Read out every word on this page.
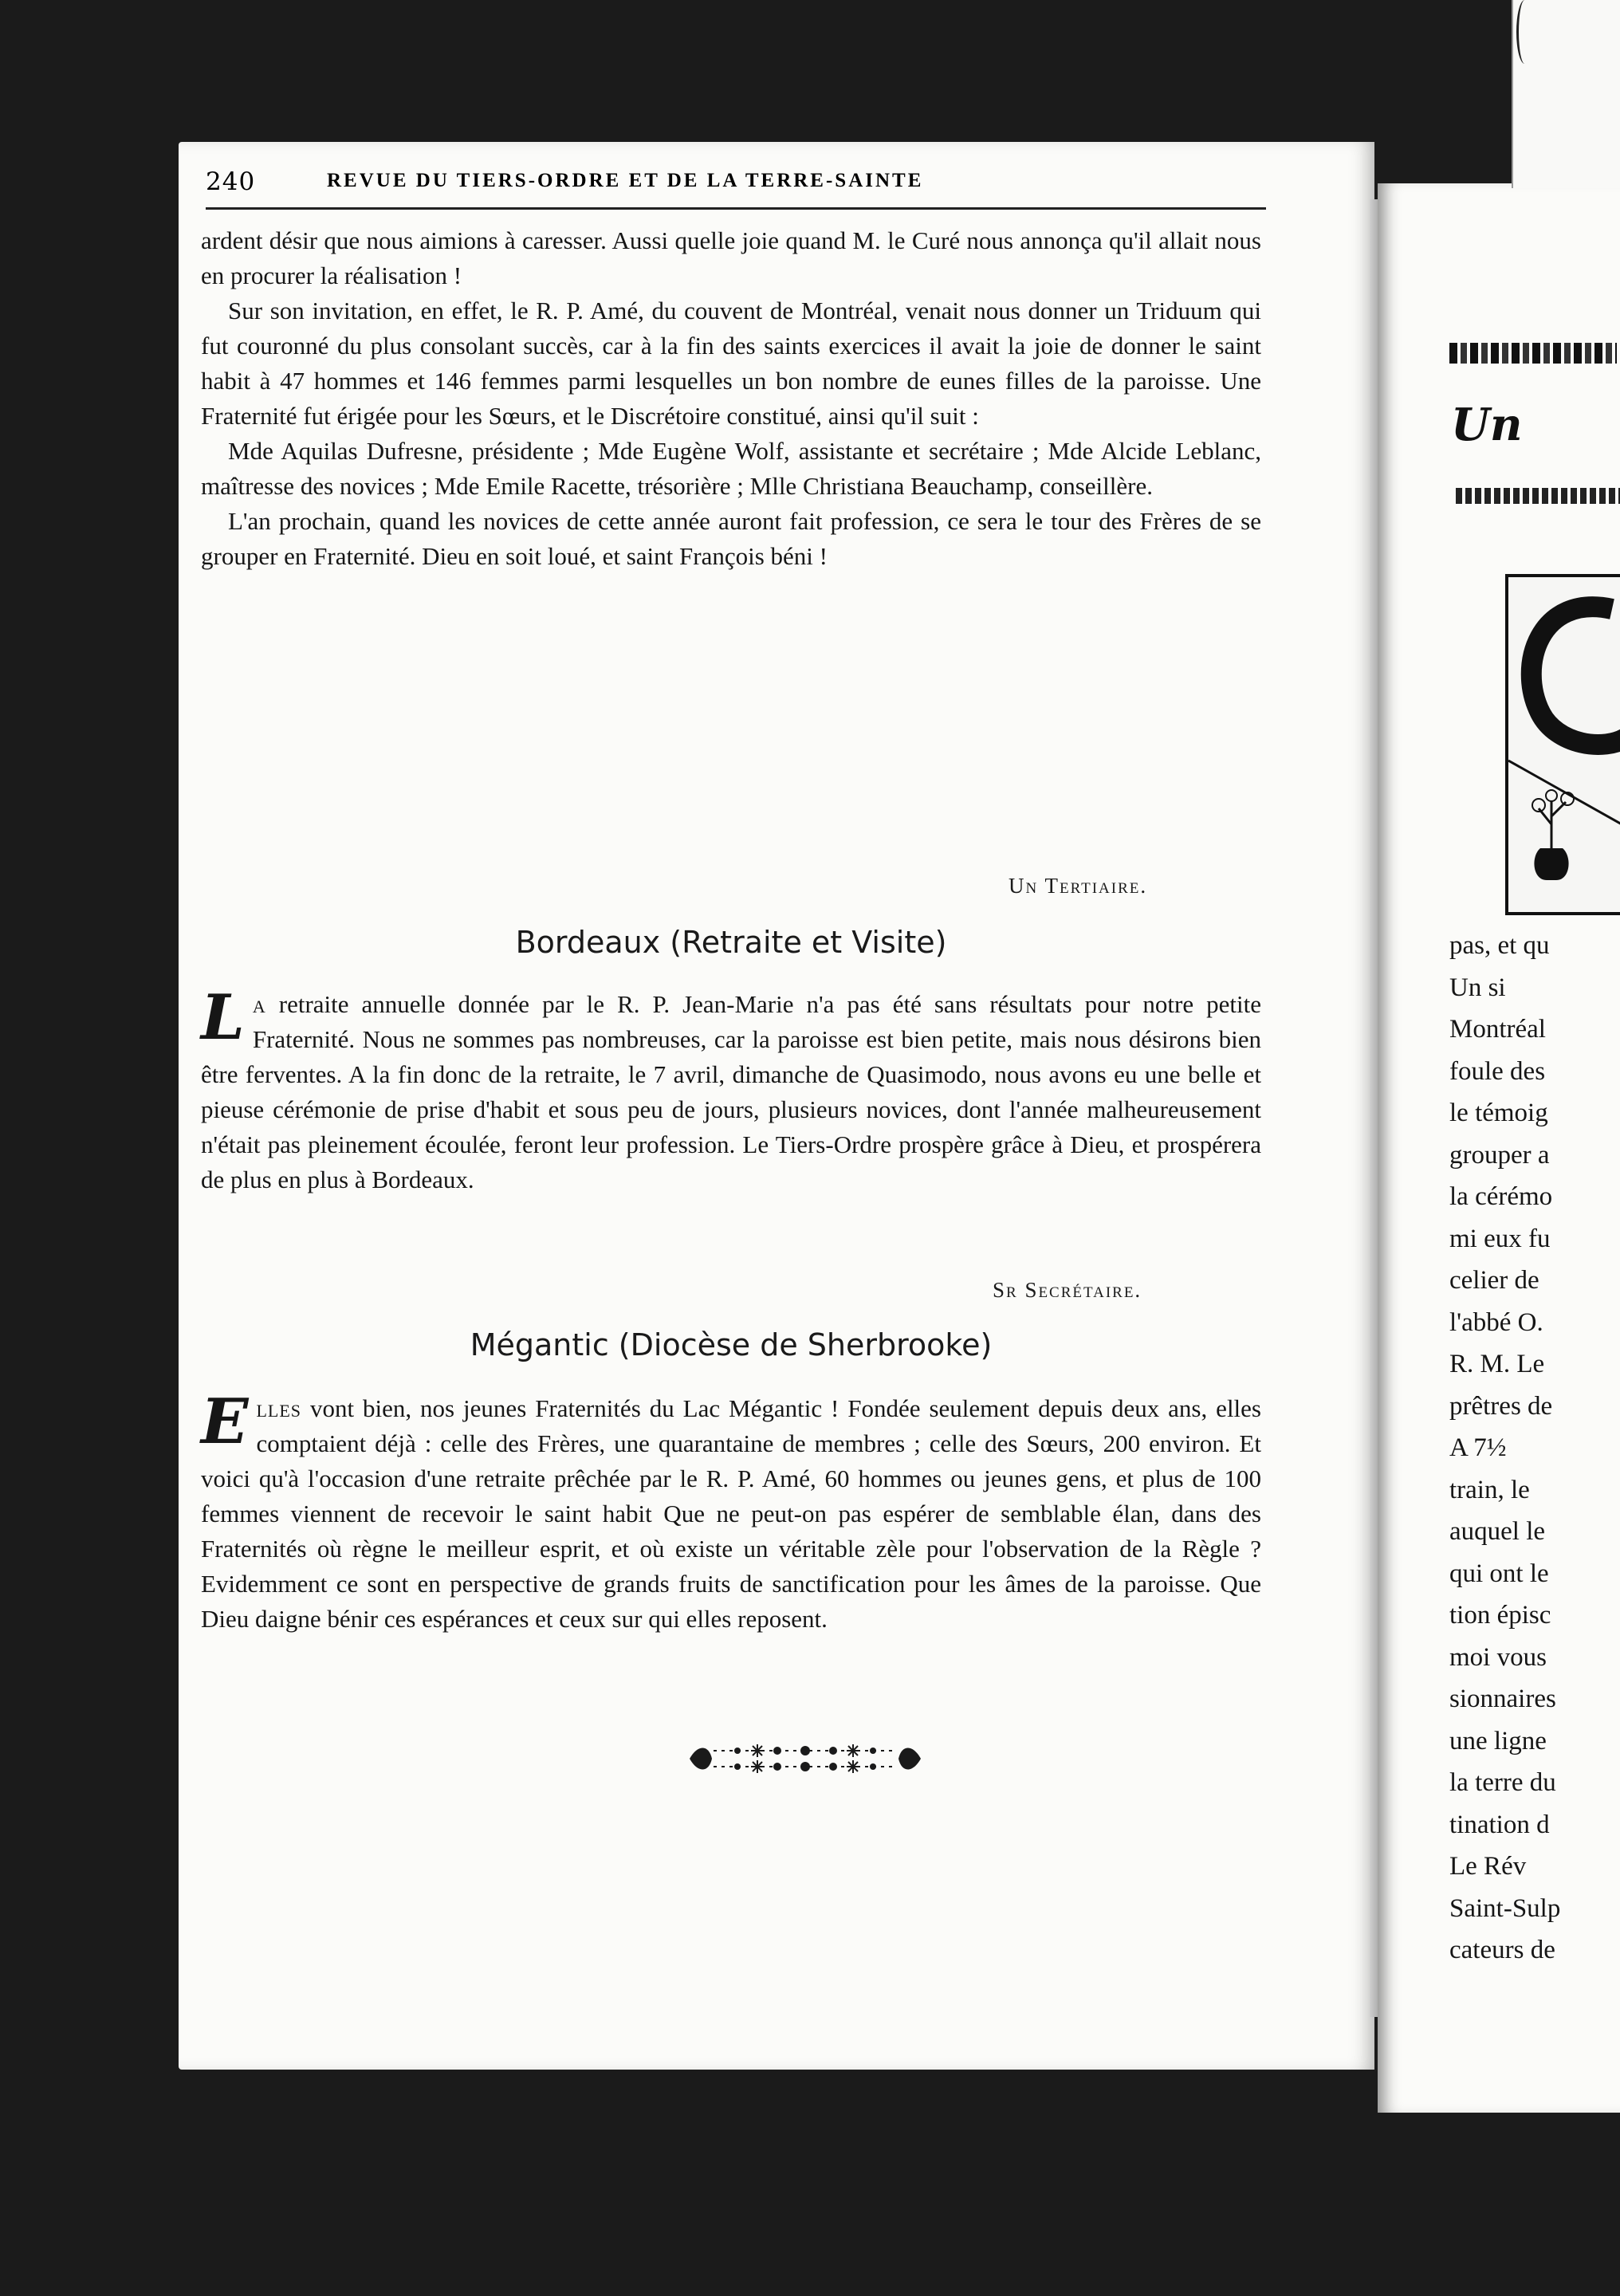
Un
pas, et qu
Un si
Montréal
foule des
le témoig
grouper a
la cérémo
mi eux fu
celier de
l'abbé O.
R. M. Le
prêtres de
A 7½
train, le
auquel le
qui ont le
tion épisc
moi vous
sionnaires
une ligne
la terre du
tination d
Le Rév
Saint-Sulp
cateurs de
240	REVUE DU TIERS-ORDRE ET DE LA TERRE-SAINTE

ardent désir que nous aimions à caresser. Aussi quelle joie quand M. le Curé nous annonça qu'il allait nous en procurer la réalisation !

Sur son invitation, en effet, le R. P. Amé, du couvent de Montréal, venait nous donner un Triduum qui fut couronné du plus consolant succès, car à la fin des saints exercices il avait la joie de donner le saint habit à 47 hommes et 146 femmes parmi lesquelles un bon nombre de eunes filles de la paroisse. Une Fraternité fut érigée pour les Sœurs, et le Discrétoire constitué, ainsi qu'il suit :

Mde Aquilas Dufresne, présidente ; Mde Eugène Wolf, assistante et secrétaire ; Mde Alcide Leblanc, maîtresse des novices ; Mde Emile Racette, trésorière ; Mlle Christiana Beauchamp, conseillère.

L'an prochain, quand les novices de cette année auront fait profession, ce sera le tour des Frères de se grouper en Fraternité. Dieu en soit loué, et saint François béni !

Un Tertiaire.
Bordeaux (Retraite et Visite)

La retraite annuelle donnée par le R. P. Jean-Marie n'a pas été sans résultats pour notre petite Fraternité. Nous ne sommes pas nombreuses, car la paroisse est bien petite, mais nous désirons bien être ferventes. A la fin donc de la retraite, le 7 avril, dimanche de Quasimodo, nous avons eu une belle et pieuse cérémonie de prise d'habit et sous peu de jours, plusieurs novices, dont l'année malheureusement n'était pas pleinement écoulée, feront leur profession. Le Tiers-Ordre prospère grâce à Dieu, et prospérera de plus en plus à Bordeaux.

Sr Secrétaire.
Mégantic (Diocèse de Sherbrooke)

Elles vont bien, nos jeunes Fraternités du Lac Mégantic ! Fondée seulement depuis deux ans, elles comptaient déjà : celle des Frères, une quarantaine de membres ; celle des Sœurs, 200 environ. Et voici qu'à l'occasion d'une retraite prêchée par le R. P. Amé, 60 hommes ou jeunes gens, et plus de 100 femmes viennent de recevoir le saint habit Que ne peut-on pas espérer de semblable élan, dans des Fraternités où règne le meilleur esprit, et où existe un véritable zèle pour l'observation de la Règle ? Evidemment ce sont en perspective de grands fruits de sanctification pour les âmes de la paroisse. Que Dieu daigne bénir ces espérances et ceux sur qui elles reposent.
